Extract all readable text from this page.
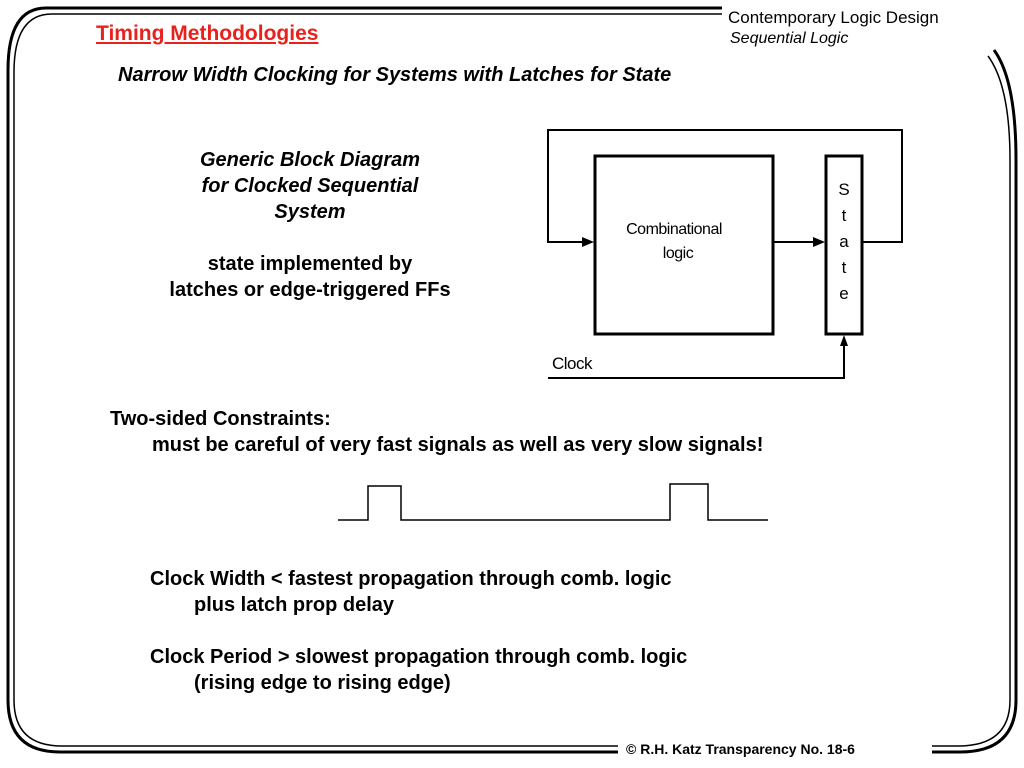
Timing Methodologies
Contemporary Logic Design
Sequential Logic
Narrow Width Clocking for Systems with Latches for State
Generic Block Diagram
for Clocked Sequential
System
state implemented by
latches or edge-triggered FFs
Combinational
logic
S
t
a
t
e
Clock
Two-sided Constraints:
must be careful of very fast signals as well as very slow signals!
Clock Width < fastest propagation through comb. logic
plus latch prop delay
Clock Period > slowest propagation through comb. logic
(rising edge to rising edge)
© R.H. Katz Transparency No. 18-6
